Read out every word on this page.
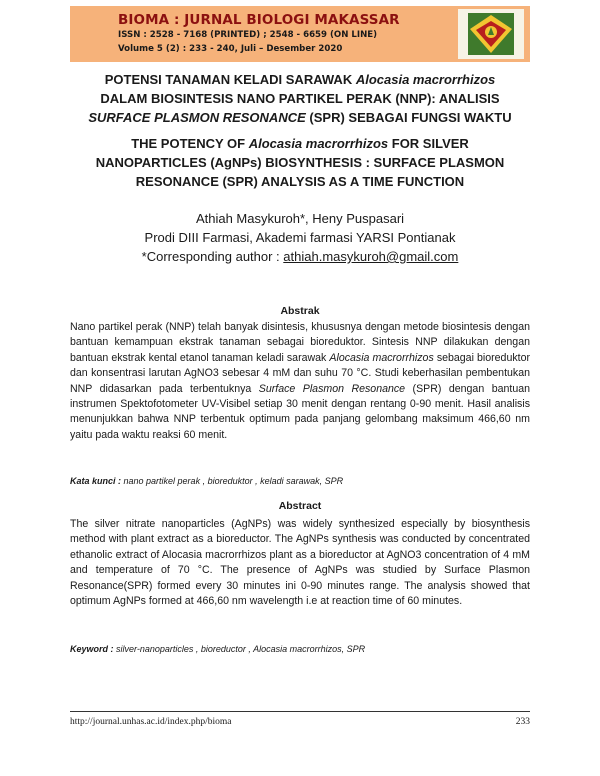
BIOMA : JURNAL BIOLOGI MAKASSAR
ISSN : 2528 - 7168 (PRINTED) ; 2548 - 6659 (ON LINE)
Volume 5 (2) : 233 - 240, Juli – Desember 2020
POTENSI TANAMAN KELADI SARAWAK Alocasia macrorrhizos
DALAM BIOSINTESIS NANO PARTIKEL PERAK (NNP): ANALISIS
SURFACE PLASMON RESONANCE (SPR) SEBAGAI FUNGSI WAKTU
THE POTENCY OF Alocasia macrorrhizos FOR SILVER
NANOPARTICLES (AgNPs) BIOSYNTHESIS : SURFACE PLASMON
RESONANCE (SPR) ANALYSIS AS A TIME FUNCTION
Athiah Masykuroh*, Heny Puspasari
Prodi DIII Farmasi, Akademi farmasi YARSI Pontianak
*Corresponding author : athiah.masykuroh@gmail.com
Abstrak
Nano partikel perak (NNP) telah banyak disintesis, khususnya dengan metode biosintesis dengan bantuan kemampuan ekstrak tanaman sebagai bioreduktor. Sintesis NNP dilakukan dengan bantuan ekstrak kental etanol tanaman keladi sarawak Alocasia macrorrhizos sebagai bioreduktor dan konsentrasi larutan AgNO3 sebesar 4 mM dan suhu 70 °C. Studi keberhasilan pembentukan NNP didasarkan pada terbentuknya Surface Plasmon Resonance (SPR) dengan bantuan instrumen Spektofotometer UV-Visibel setiap 30 menit dengan rentang 0-90 menit. Hasil analisis menunjukkan bahwa NNP terbentuk optimum pada panjang gelombang maksimum 466,60 nm yaitu pada waktu reaksi 60 menit.
Kata kunci : nano partikel perak , bioreduktor , keladi sarawak, SPR
Abstract
The silver nitrate nanoparticles (AgNPs) was widely synthesized especially by biosynthesis method with plant extract as a bioreductor. The AgNPs synthesis was conducted by concentrated ethanolic extract of Alocasia macrorrhizos plant as a bioreductor at AgNO3 concentration of 4 mM and temperature of 70 °C. The presence of AgNPs was studied by Surface Plasmon Resonance(SPR) formed every 30 minutes ini 0-90 minutes range. The analysis showed that optimum AgNPs formed at 466,60 nm wavelength i.e at reaction time of 60 minutes.
Keyword : silver-nanoparticles , bioreductor , Alocasia macrorrhizos, SPR
http://journal.unhas.ac.id/index.php/bioma	233
